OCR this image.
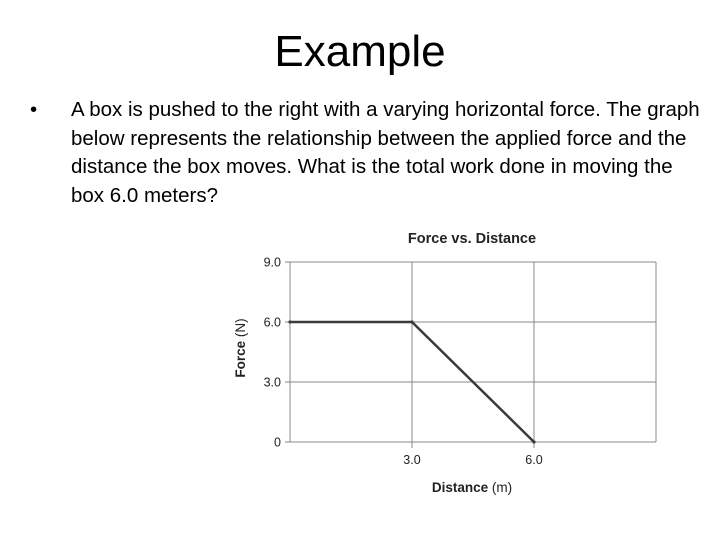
Example
• A box is pushed to the right with a varying horizontal force. The graph below represents the relationship between the applied force and the distance the box moves. What is the total work done in moving the box 6.0 meters?
0
3.0
6.0
9.0
3.0	6.0
Force vs. Distance
Distance (m)
Force (N)
